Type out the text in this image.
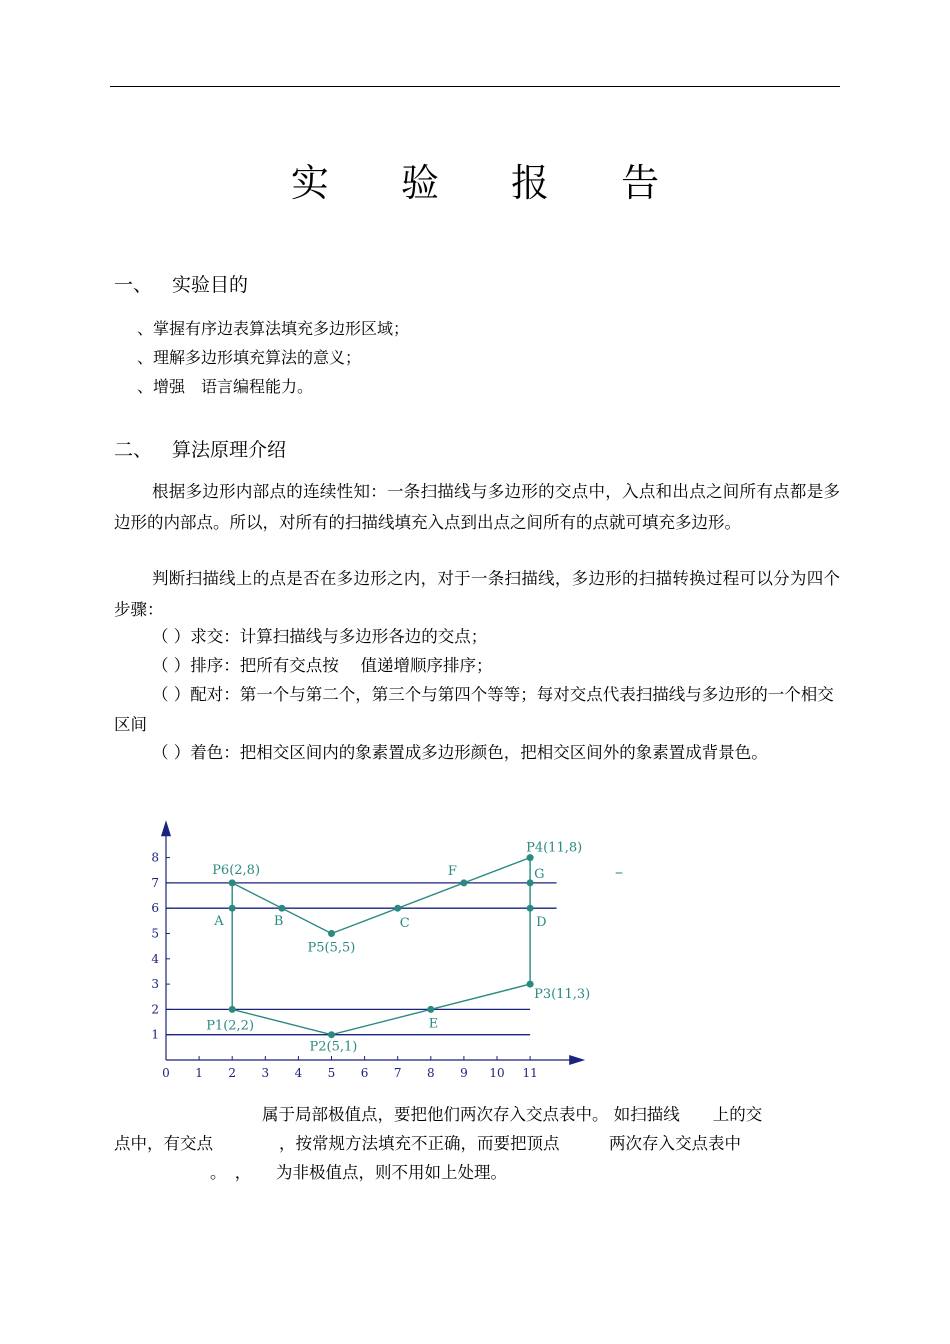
实 验 报 告
一、 实验目的
、掌握有序边表算法填充多边形区域；
、理解多边形填充算法的意义；
、增强　语言编程能力。
二、 算法原理介绍

根据多边形内部点的连续性知：一条扫描线与多边形的交点中，入点和出点之间所有点都是多边形的内部点。所以，对所有的扫描线填充入点到出点之间所有的点就可填充多边形。

判断扫描线上的点是否在多边形之内，对于一条扫描线，多边形的扫描转换过程可以分为四个步骤：

（ ）求交：计算扫描线与多边形各边的交点；
（ ）排序：把所有交点按　 值递增顺序排序；
（ ）配对：第一个与第二个，第三个与第四个等等；每对交点代表扫描线与多边形的一个相交区间
（ ）着色：把相交区间内的象素置成多边形颜色，把相交区间外的象素置成背景色。
0 1 2 3 4 5 6 7 8 9 10 11
1
2
3
4
5
6
7
8
P1(2,2)
P2(5,1)
P3(11,3)
P4(11,8)
P5(5,5)
P6(2,8)
A	B	C	D
E
F	G	–
属于局部极值点，要把他们两次存入交点表中。 如扫描线　　上的交
点中，有交点　　　　，按常规方法填充不正确，而要把顶点　　　两次存入交点表中
。　，　　为非极值点，则不用如上处理。
